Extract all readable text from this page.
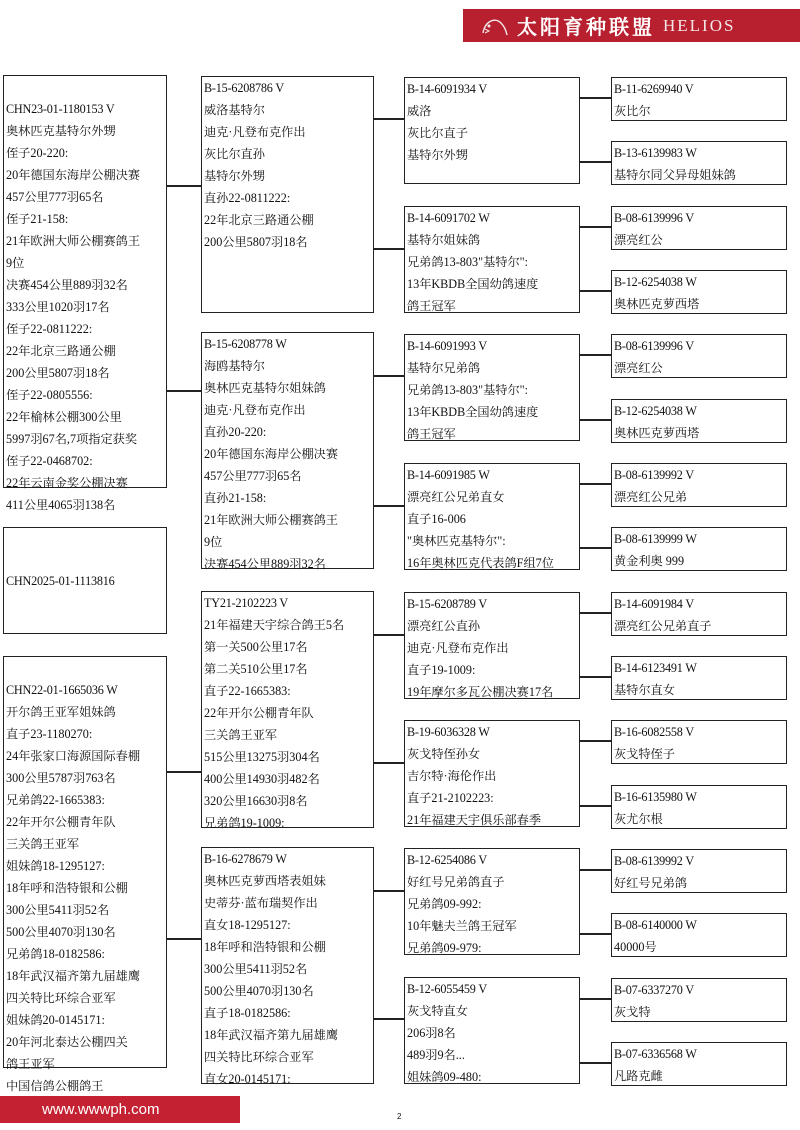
太阳育种联盟 HELIOS
CHN23-01-1180153 V
奥林匹克基特尔外甥
侄子20-220:
20年德国东海岸公棚决赛
457公里777羽65名
侄子21-158:
21年欧洲大师公棚赛鸽王
9位
决赛454公里889羽32名
333公里1020羽17名
侄子22-0811222:
22年北京三路通公棚
200公里5807羽18名
侄子22-0805556:
22年榆林公棚300公里
5997羽67名,7项指定获奖
侄子22-0468702:
22年云南金奖公棚决赛
411公里4065羽138名
CHN2025-01-1113816
CHN22-01-1665036 W
开尔鸽王亚军姐妹鸽
直子23-1180270:
24年张家口海源国际春棚
300公里5787羽763名
兄弟鸽22-1665383:
22年开尔公棚青年队
三关鸽王亚军
姐妹鸽18-1295127:
18年呼和浩特银和公棚
300公里5411羽52名
500公里4070羽130名
兄弟鸽18-0182586:
18年武汉福齐第九届雄鹰
四关特比环综合亚军
姐妹鸽20-0145171:
20年河北泰达公棚四关
鸽王亚军
中国信鸽公棚鸽王
B-15-6208786 V
威洛基特尔
迪克·凡登布克作出
灰比尔直孙
基特尔外甥
直孙22-0811222:
22年北京三路通公棚
200公里5807羽18名
B-15-6208778 W
海鸥基特尔
奥林匹克基特尔姐妹鸽
迪克·凡登布克作出
直孙20-220:
20年德国东海岸公棚决赛
457公里777羽65名
直孙21-158:
21年欧洲大师公棚赛鸽王
9位
决赛454公里889羽32名
TY21-2102223 V
21年福建天宇综合鸽王5名
第一关500公里17名
第二关510公里17名
直子22-1665383:
22年开尔公棚青年队
三关鸽王亚军
515公里13275羽304名
400公里14930羽482名
320公里16630羽8名
兄弟鸽19-1009:
B-16-6278679 W
奥林匹克萝西塔表姐妹
史蒂芬·蓝布瑞契作出
直女18-1295127:
18年呼和浩特银和公棚
300公里5411羽52名
500公里4070羽130名
直子18-0182586:
18年武汉福齐第九届雄鹰
四关特比环综合亚军
直女20-0145171:
B-14-6091934 V
威洛
灰比尔直子
基特尔外甥
B-14-6091702 W
基特尔姐妹鸽
兄弟鸽13-803"基特尔":
13年KBDB全国幼鸽速度
鸽王冠军
B-14-6091993 V
基特尔兄弟鸽
兄弟鸽13-803"基特尔":
13年KBDB全国幼鸽速度
鸽王冠军
B-14-6091985 W
漂亮红公兄弟直女
直子16-006
"奥林匹克基特尔":
16年奥林匹克代表鸽F组7位
B-15-6208789 V
漂亮红公直孙
迪克·凡登布克作出
直子19-1009:
19年摩尔多瓦公棚决赛17名
B-19-6036328 W
灰戈特侄孙女
吉尔特·海伦作出
直子21-2102223:
21年福建天宇俱乐部春季
B-12-6254086 V
好红号兄弟鸽直子
兄弟鸽09-992:
10年魅夫兰鸽王冠军
兄弟鸽09-979:
B-12-6055459 V
灰戈特直女
206羽8名
489羽9名...
姐妹鸽09-480:
B-11-6269940 V
灰比尔
B-13-6139983 W
基特尔同父异母姐妹鸽
B-08-6139996 V
漂亮红公
B-12-6254038 W
奥林匹克萝西塔
B-08-6139996 V
漂亮红公
B-12-6254038 W
奥林匹克萝西塔
B-08-6139992 V
漂亮红公兄弟
B-08-6139999 W
黄金利奥 999
B-14-6091984 V
漂亮红公兄弟直子
B-14-6123491 W
基特尔直女
B-16-6082558 V
灰戈特侄子
B-16-6135980 W
灰尤尔根
B-08-6139992 V
好红号兄弟鸽
B-08-6140000 W
40000号
B-07-6337270 V
灰戈特
B-07-6336568 W
凡路克雌
www.wwwph.com	2
